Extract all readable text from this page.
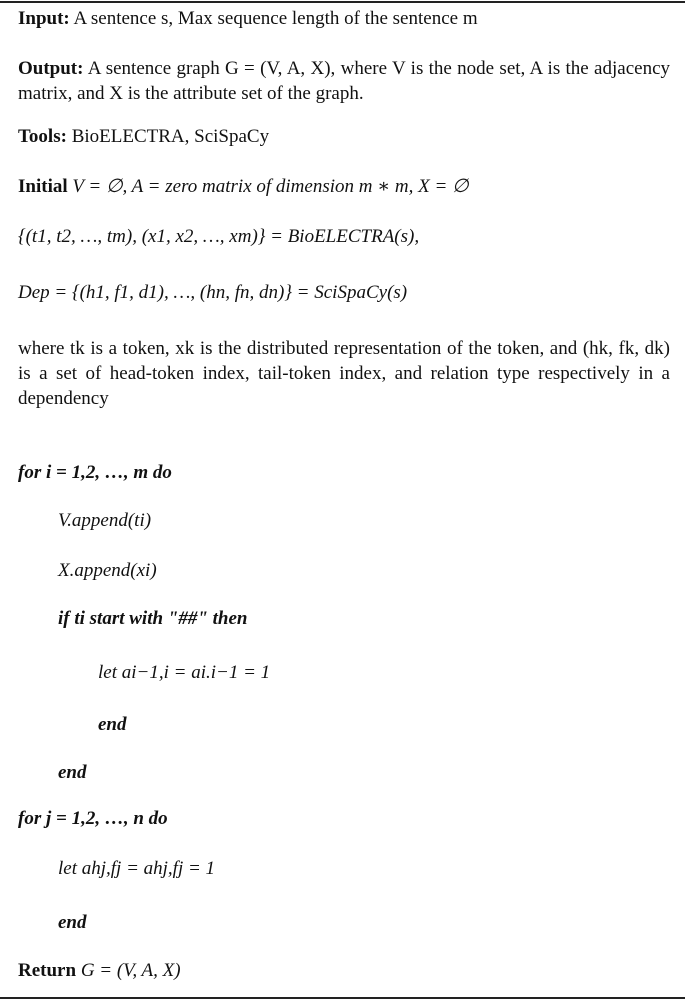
Input: A sentence s, Max sequence length of the sentence m
Output: A sentence graph G = (V, A, X), where V is the node set, A is the adjacency matrix, and X is the attribute set of the graph.
Tools: BioELECTRA, SciSpaCy
Initial V = ∅, A = zero matrix of dimension m ∗ m, X = ∅
{(t1, t2, …, tm), (x1, x2, …, xm)} = BioELECTRA(s),
Dep = {(h1, f1, d1), …, (hn, fn, dn)} = SciSpaCy(s)
where tk is a token, xk is the distributed representation of the token, and (hk, fk, dk) is a set of head-token index, tail-token index, and relation type respectively in a dependency
for i = 1,2, …, m do
V.append(ti)
X.append(xi)
if ti start with "##" then
let ai−1,i = ai.i−1 = 1
end
end
for j = 1,2, …, n do
let ahj,fj = ahj,fj = 1
end
Return G = (V, A, X)
